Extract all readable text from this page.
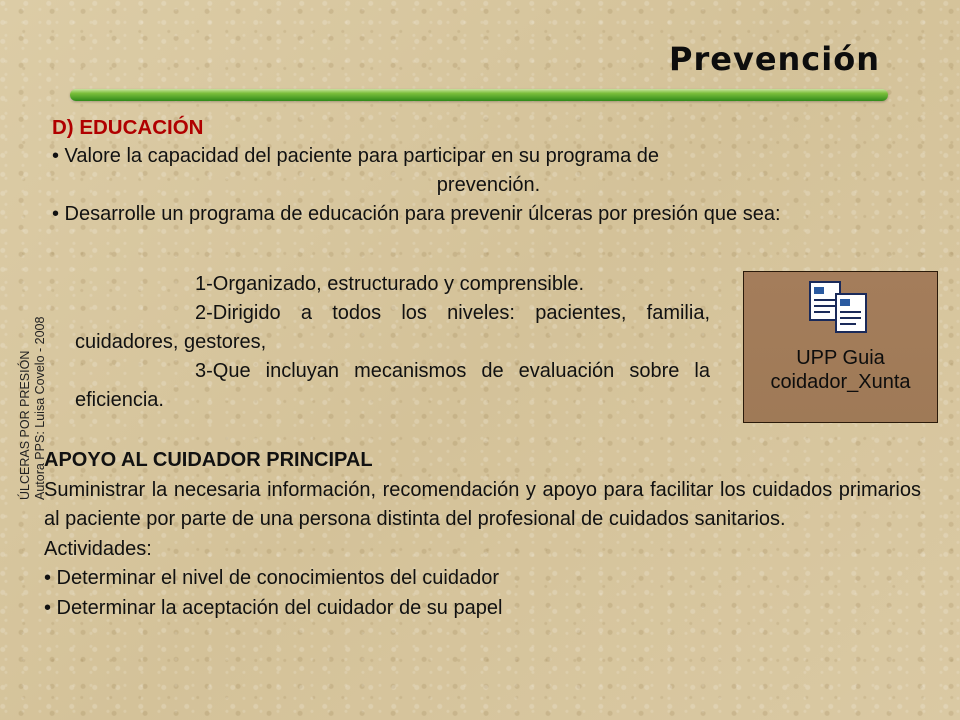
Prevención
ÚLCERAS POR PRESIÓN Autora PPS: Luisa Covelo - 2008
D) EDUCACIÓN
• Valore la capacidad del paciente para participar en su programa de
prevención.
• Desarrolle un programa de educación para prevenir úlceras por presión que sea:
1-Organizado, estructurado y comprensible.
2-Dirigido a todos los niveles: pacientes, familia, cuidadores, gestores,
3-Que incluyan mecanismos de evaluación sobre la eficiencia.
UPP Guia
coidador_Xunta
APOYO AL CUIDADOR PRINCIPAL
Suministrar la necesaria información, recomendación y apoyo para facilitar los cuidados primarios al paciente por parte de una persona distinta del profesional de cuidados sanitarios.
Actividades:
• Determinar el nivel de conocimientos del cuidador
• Determinar la aceptación del cuidador de su papel
